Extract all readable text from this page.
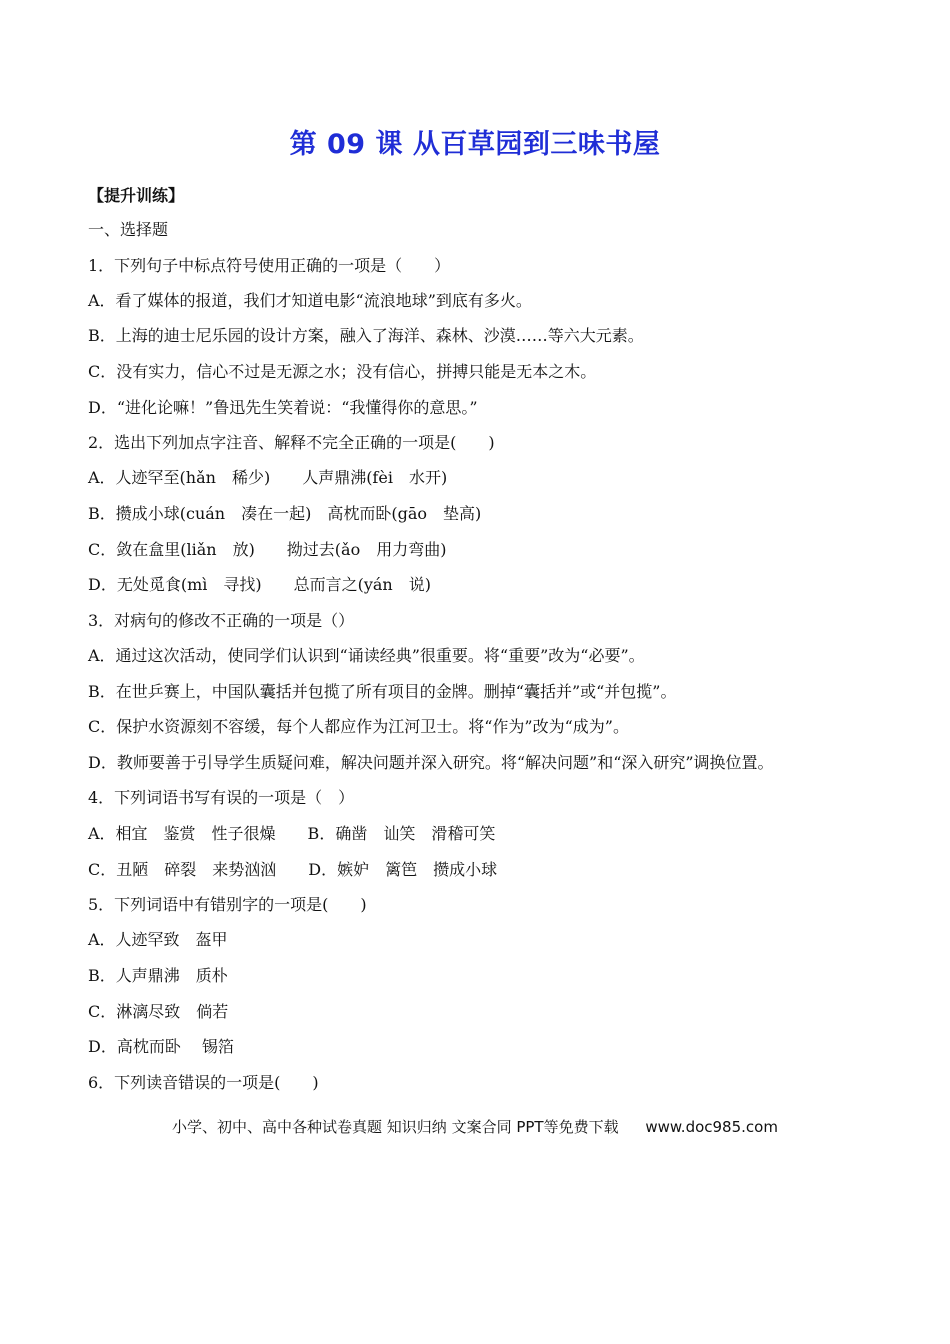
第 09 课 从百草园到三味书屋
【提升训练】
一、选择题
1．下列句子中标点符号使用正确的一项是（　　）
A．看了媒体的报道，我们才知道电影“流浪地球”到底有多火。
B．上海的迪士尼乐园的设计方案，融入了海洋、森林、沙漠……等六大元素。
C．没有实力，信心不过是无源之水；没有信心，拼搏只能是无本之木。
D．“进化论嘛！”鲁迅先生笑着说：“我懂得你的意思。”
2．选出下列加点字注音、解释不完全正确的一项是(　　)
A．人迹罕至(hǎn　稀少)　　人声鼎沸(fèi　水开)
B．攒成小球(cuán　凑在一起)　高枕而卧(gāo　垫高)
C．敛在盒里(liǎn　放)　　拗过去(ǎo　用力弯曲)
D．无处觅食(mì　寻找)　　总而言之(yán　说)
3．对病句的修改不正确的一项是（）
A．通过这次活动，使同学们认识到“诵读经典”很重要。将“重要”改为“必要”。
B．在世乒赛上，中国队囊括并包揽了所有项目的金牌。删掉“囊括并”或“并包揽”。
C．保护水资源刻不容缓，每个人都应作为江河卫士。将“作为”改为“成为”。
D．教师要善于引导学生质疑问难，解决问题并深入研究。将“解决问题”和“深入研究”调换位置。
4．下列词语书写有误的一项是（　）
A．相宜　鉴赏　性子很燥　　B．确凿　讪笑　滑稽可笑
C．丑陋　碎裂　来势汹汹　　D．嫉妒　篱笆　攒成小球
5．下列词语中有错别字的一项是(　　)
A．人迹罕致　盔甲
B．人声鼎沸　质朴
C．淋漓尽致　倘若
D．高枕而卧　 锡箔
6．下列读音错误的一项是(　　)
小学、初中、高中各种试卷真题 知识归纳 文案合同 PPT等免费下载 www.doc985.com
